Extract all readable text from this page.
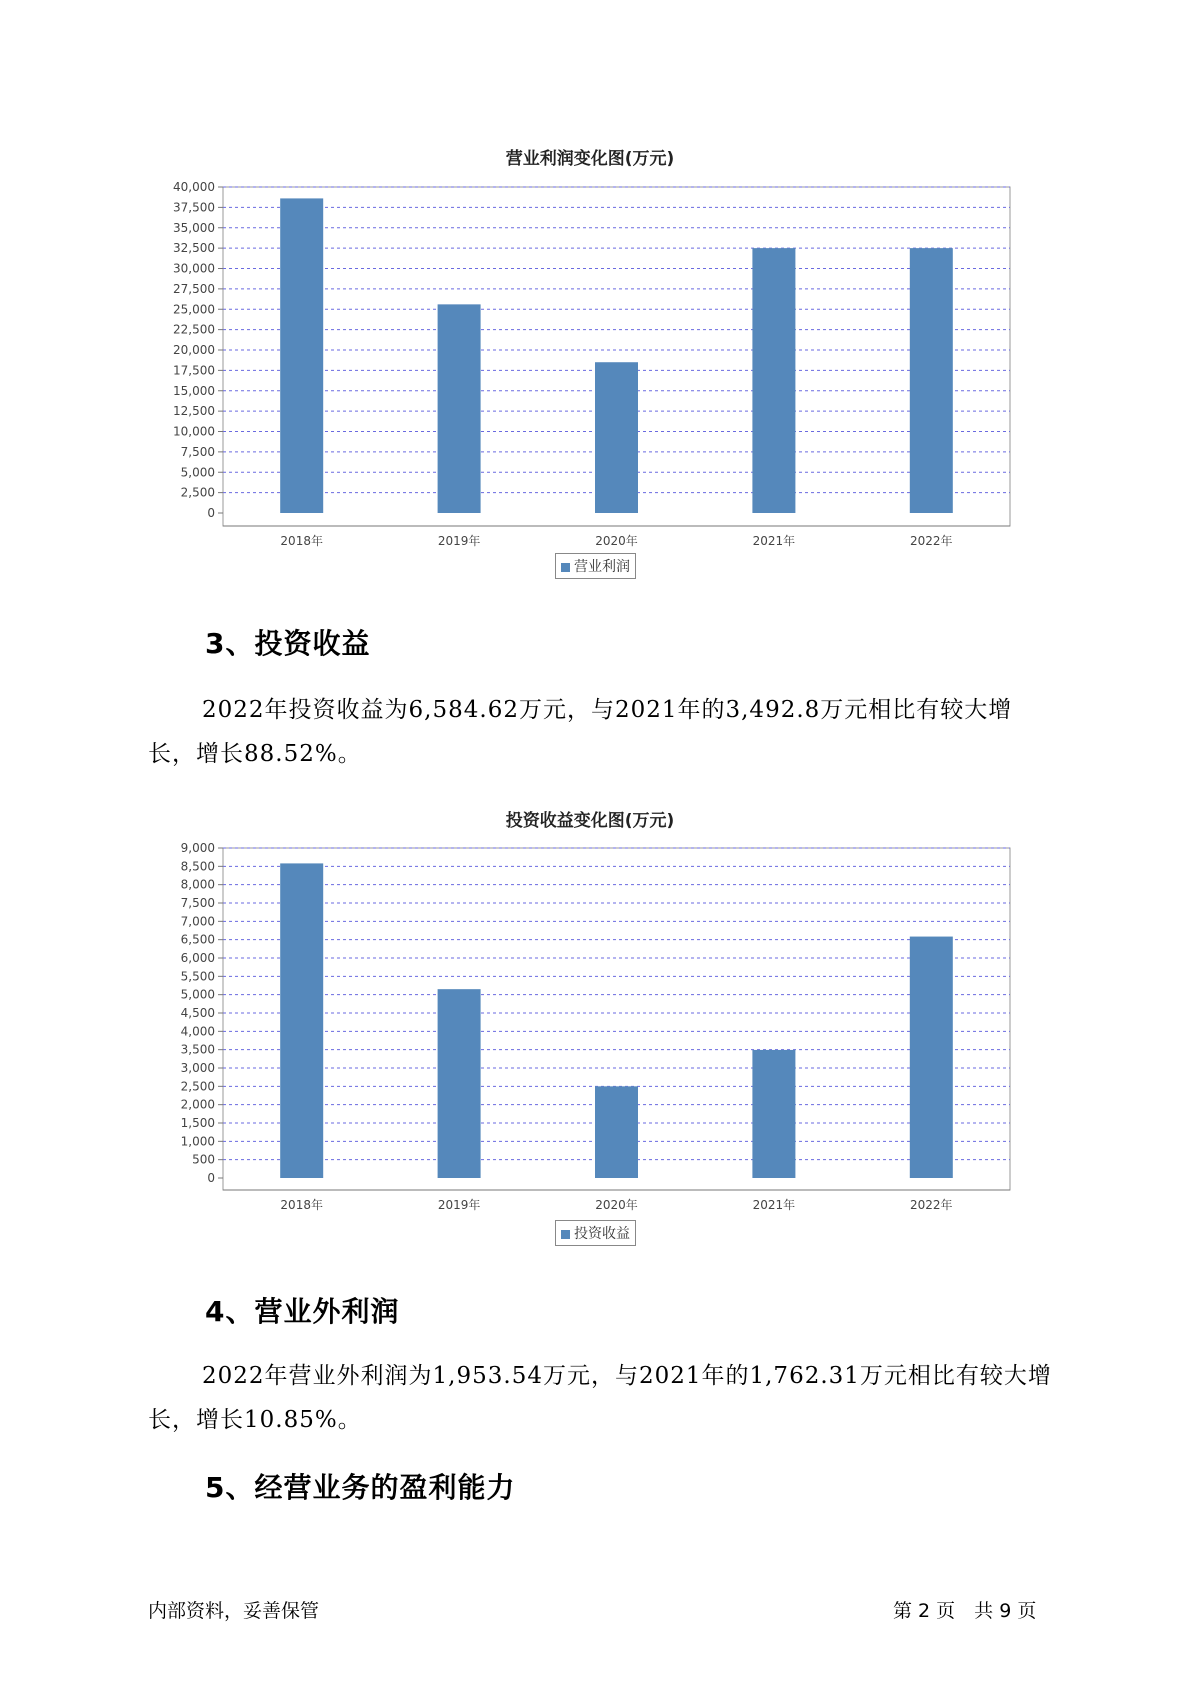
营业利润变化图(万元)
0
2,500
5,000
7,500
10,000
12,500
15,000
17,500
20,000
22,500
25,000
27,500
30,000
32,500
35,000
37,500
40,000
2018年	2019年	2020年	2021年	2022年
营业利润
3、投资收益
2022年投资收益为6,584.62万元，与2021年的3,492.8万元相比有较大增长，增长88.52%。
投资收益变化图(万元)
0
500
1,000
1,500
2,000
2,500
3,000
3,500
4,000
4,500
5,000
5,500
6,000
6,500
7,000
7,500
8,000
8,500
9,000
2018年	2019年	2020年	2021年	2022年
投资收益
4、营业外利润
2022年营业外利润为1,953.54万元，与2021年的1,762.31万元相比有较大增长，增长10.85%。
5、经营业务的盈利能力
内部资料，妥善保管	第 2 页　共 9 页
